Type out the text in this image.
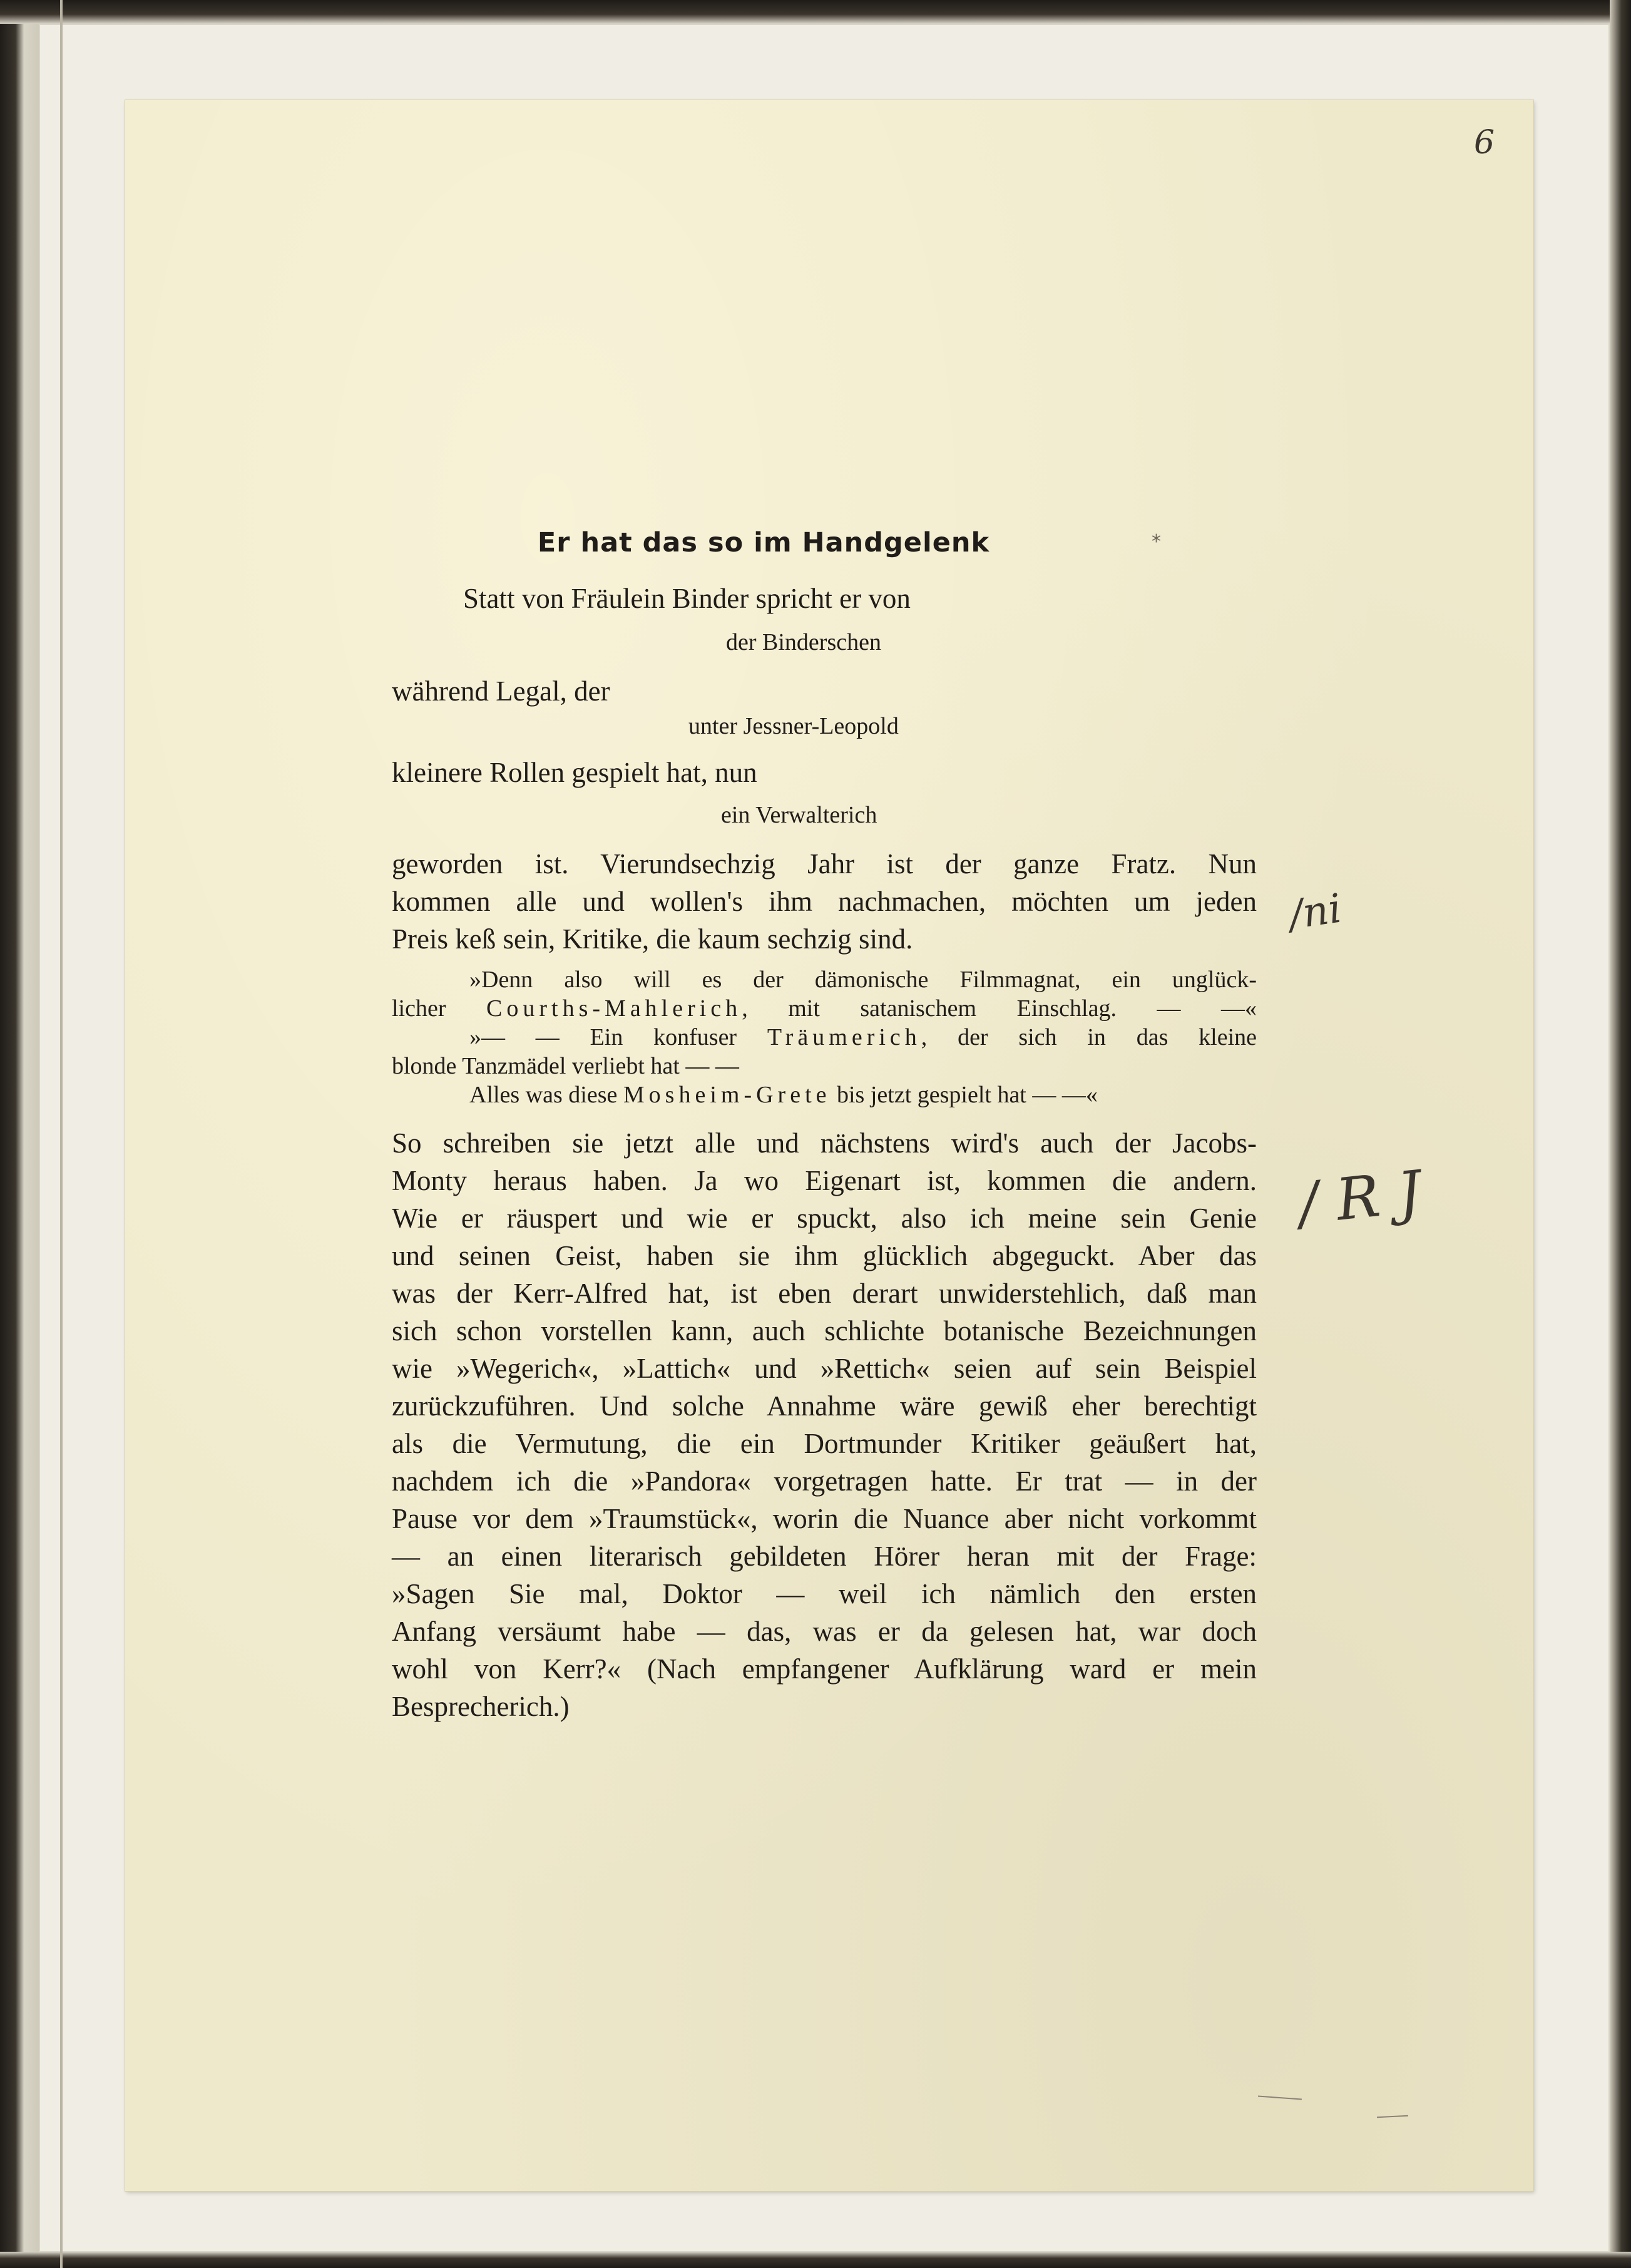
6
Er hat das so im Handgelenk	*
Statt von Fräulein Binder spricht er von
der Binderschen
während Legal, der
unter Jessner-Leopold
kleinere Rollen gespielt hat, nun
ein Verwalterich
geworden ist. Vierundsechzig Jahr ist der ganze Fratz. Nun
kommen alle und wollen's ihm nachmachen, möchten um jeden
Preis keß sein, Kritike, die kaum sechzig sind.
»Denn also will es der dämonische Filmmagnat, ein unglück-
licher Courths-Mahlerich, mit satanischem Einschlag. — —«
»— — Ein konfuser Träumerich, der sich in das kleine
blonde Tanzmädel verliebt hat — —
Alles was diese Mosheim-Grete bis jetzt gespielt hat — —«
So schreiben sie jetzt alle und nächstens wird's auch der Jacobs-
Monty heraus haben. Ja wo Eigenart ist, kommen die andern.
Wie er räuspert und wie er spuckt, also ich meine sein Genie
und seinen Geist, haben sie ihm glücklich abgeguckt. Aber das
was der Kerr-Alfred hat, ist eben derart unwiderstehlich, daß man
sich schon vorstellen kann, auch schlichte botanische Bezeichnungen
wie »Wegerich«, »Lattich« und »Rettich« seien auf sein Beispiel
zurückzuführen. Und solche Annahme wäre gewiß eher berechtigt
als die Vermutung, die ein Dortmunder Kritiker geäußert hat,
nachdem ich die »Pandora« vorgetragen hatte. Er trat — in der
Pause vor dem »Traumstück«, worin die Nuance aber nicht vorkommt
— an einen literarisch gebildeten Hörer heran mit der Frage:
»Sagen Sie mal, Doktor — weil ich nämlich den ersten
Anfang versäumt habe — das, was er da gelesen hat, war doch
wohl von Kerr?« (Nach empfangener Aufklärung ward er mein
Besprecherich.)
/ni
/ R J
